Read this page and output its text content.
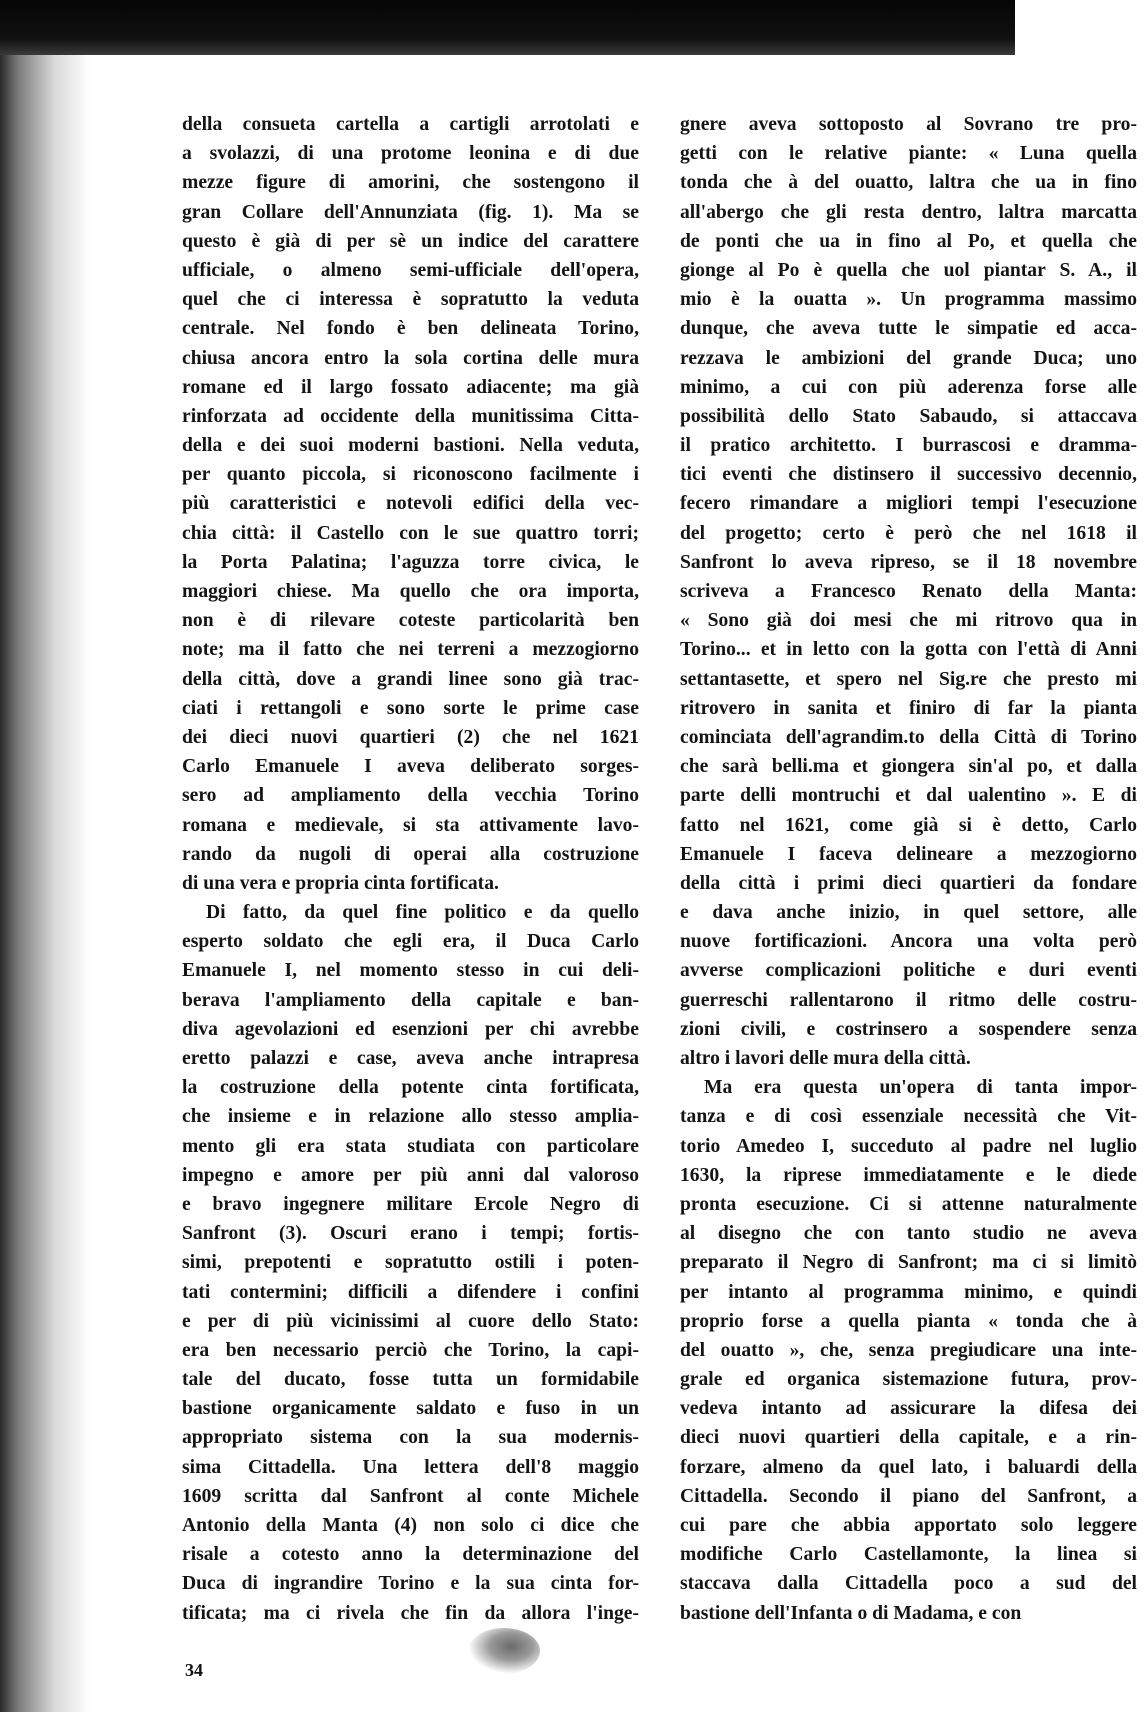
della consueta cartella a cartigli arrotolati e
a svolazzi, di una protome leonina e di due
mezze figure di amorini, che sostengono il
gran Collare dell'Annunziata (fig. 1). Ma se
questo è già di per sè un indice del carattere
ufficiale, o almeno semi-ufficiale dell'opera,
quel che ci interessa è sopratutto la veduta
centrale. Nel fondo è ben delineata Torino,
chiusa ancora entro la sola cortina delle mura
romane ed il largo fossato adiacente; ma già
rinforzata ad occidente della munitissima Citta-
della e dei suoi moderni bastioni. Nella veduta,
per quanto piccola, si riconoscono facilmente i
più caratteristici e notevoli edifici della vec-
chia città: il Castello con le sue quattro torri;
la Porta Palatina; l'aguzza torre civica, le
maggiori chiese. Ma quello che ora importa,
non è di rilevare coteste particolarità ben
note; ma il fatto che nei terreni a mezzogiorno
della città, dove a grandi linee sono già trac-
ciati i rettangoli e sono sorte le prime case
dei dieci nuovi quartieri (2) che nel 1621
Carlo Emanuele I aveva deliberato sorges-
sero ad ampliamento della vecchia Torino
romana e medievale, si sta attivamente lavo-
rando da nugoli di operai alla costruzione
di una vera e propria cinta fortificata.
Di fatto, da quel fine politico e da quello
esperto soldato che egli era, il Duca Carlo
Emanuele I, nel momento stesso in cui deli-
berava l'ampliamento della capitale e ban-
diva agevolazioni ed esenzioni per chi avrebbe
eretto palazzi e case, aveva anche intrapresa
la costruzione della potente cinta fortificata,
che insieme e in relazione allo stesso amplia-
mento gli era stata studiata con particolare
impegno e amore per più anni dal valoroso
e bravo ingegnere militare Ercole Negro di
Sanfront (3). Oscuri erano i tempi; fortis-
simi, prepotenti e sopratutto ostili i poten-
tati contermini; difficili a difendere i confini
e per di più vicinissimi al cuore dello Stato:
era ben necessario perciò che Torino, la capi-
tale del ducato, fosse tutta un formidabile
bastione organicamente saldato e fuso in un
appropriato sistema con la sua modernis-
sima Cittadella. Una lettera dell'8 maggio
1609 scritta dal Sanfront al conte Michele
Antonio della Manta (4) non solo ci dice che
risale a cotesto anno la determinazione del
Duca di ingrandire Torino e la sua cinta for-
tificata; ma ci rivela che fin da allora l'inge-
gnere aveva sottoposto al Sovrano tre pro-
getti con le relative piante: « Luna quella
tonda che à del ouatto, laltra che ua in fino
all'abergo che gli resta dentro, laltra marcatta
de ponti che ua in fino al Po, et quella che
gionge al Po è quella che uol piantar S. A., il
mio è la ouatta ». Un programma massimo
dunque, che aveva tutte le simpatie ed acca-
rezzava le ambizioni del grande Duca; uno
minimo, a cui con più aderenza forse alle
possibilità dello Stato Sabaudo, si attaccava
il pratico architetto. I burrascosi e dramma-
tici eventi che distinsero il successivo decennio,
fecero rimandare a migliori tempi l'esecuzione
del progetto; certo è però che nel 1618 il
Sanfront lo aveva ripreso, se il 18 novembre
scriveva a Francesco Renato della Manta:
« Sono già doi mesi che mi ritrovo qua in
Torino... et in letto con la gotta con l'ettà di Anni
settantasette, et spero nel Sig.re che presto mi
ritrovero in sanita et finiro di far la pianta
cominciata dell'agrandim.to della Città di Torino
che sarà belli.ma et giongera sin'al po, et dalla
parte delli montruchi et dal ualentino ». E di
fatto nel 1621, come già si è detto, Carlo
Emanuele I faceva delineare a mezzogiorno
della città i primi dieci quartieri da fondare
e dava anche inizio, in quel settore, alle
nuove fortificazioni. Ancora una volta però
avverse complicazioni politiche e duri eventi
guerreschi rallentarono il ritmo delle costru-
zioni civili, e costrinsero a sospendere senza
altro i lavori delle mura della città.
Ma era questa un'opera di tanta impor-
tanza e di così essenziale necessità che Vit-
torio Amedeo I, succeduto al padre nel luglio
1630, la riprese immediatamente e le diede
pronta esecuzione. Ci si attenne naturalmente
al disegno che con tanto studio ne aveva
preparato il Negro di Sanfront; ma ci si limitò
per intanto al programma minimo, e quindi
proprio forse a quella pianta « tonda che à
del ouatto », che, senza pregiudicare una inte-
grale ed organica sistemazione futura, prov-
vedeva intanto ad assicurare la difesa dei
dieci nuovi quartieri della capitale, e a rin-
forzare, almeno da quel lato, i baluardi della
Cittadella. Secondo il piano del Sanfront, a
cui pare che abbia apportato solo leggere
modifiche Carlo Castellamonte, la linea si
staccava dalla Cittadella poco a sud del
bastione dell'Infanta o di Madama, e con
34
